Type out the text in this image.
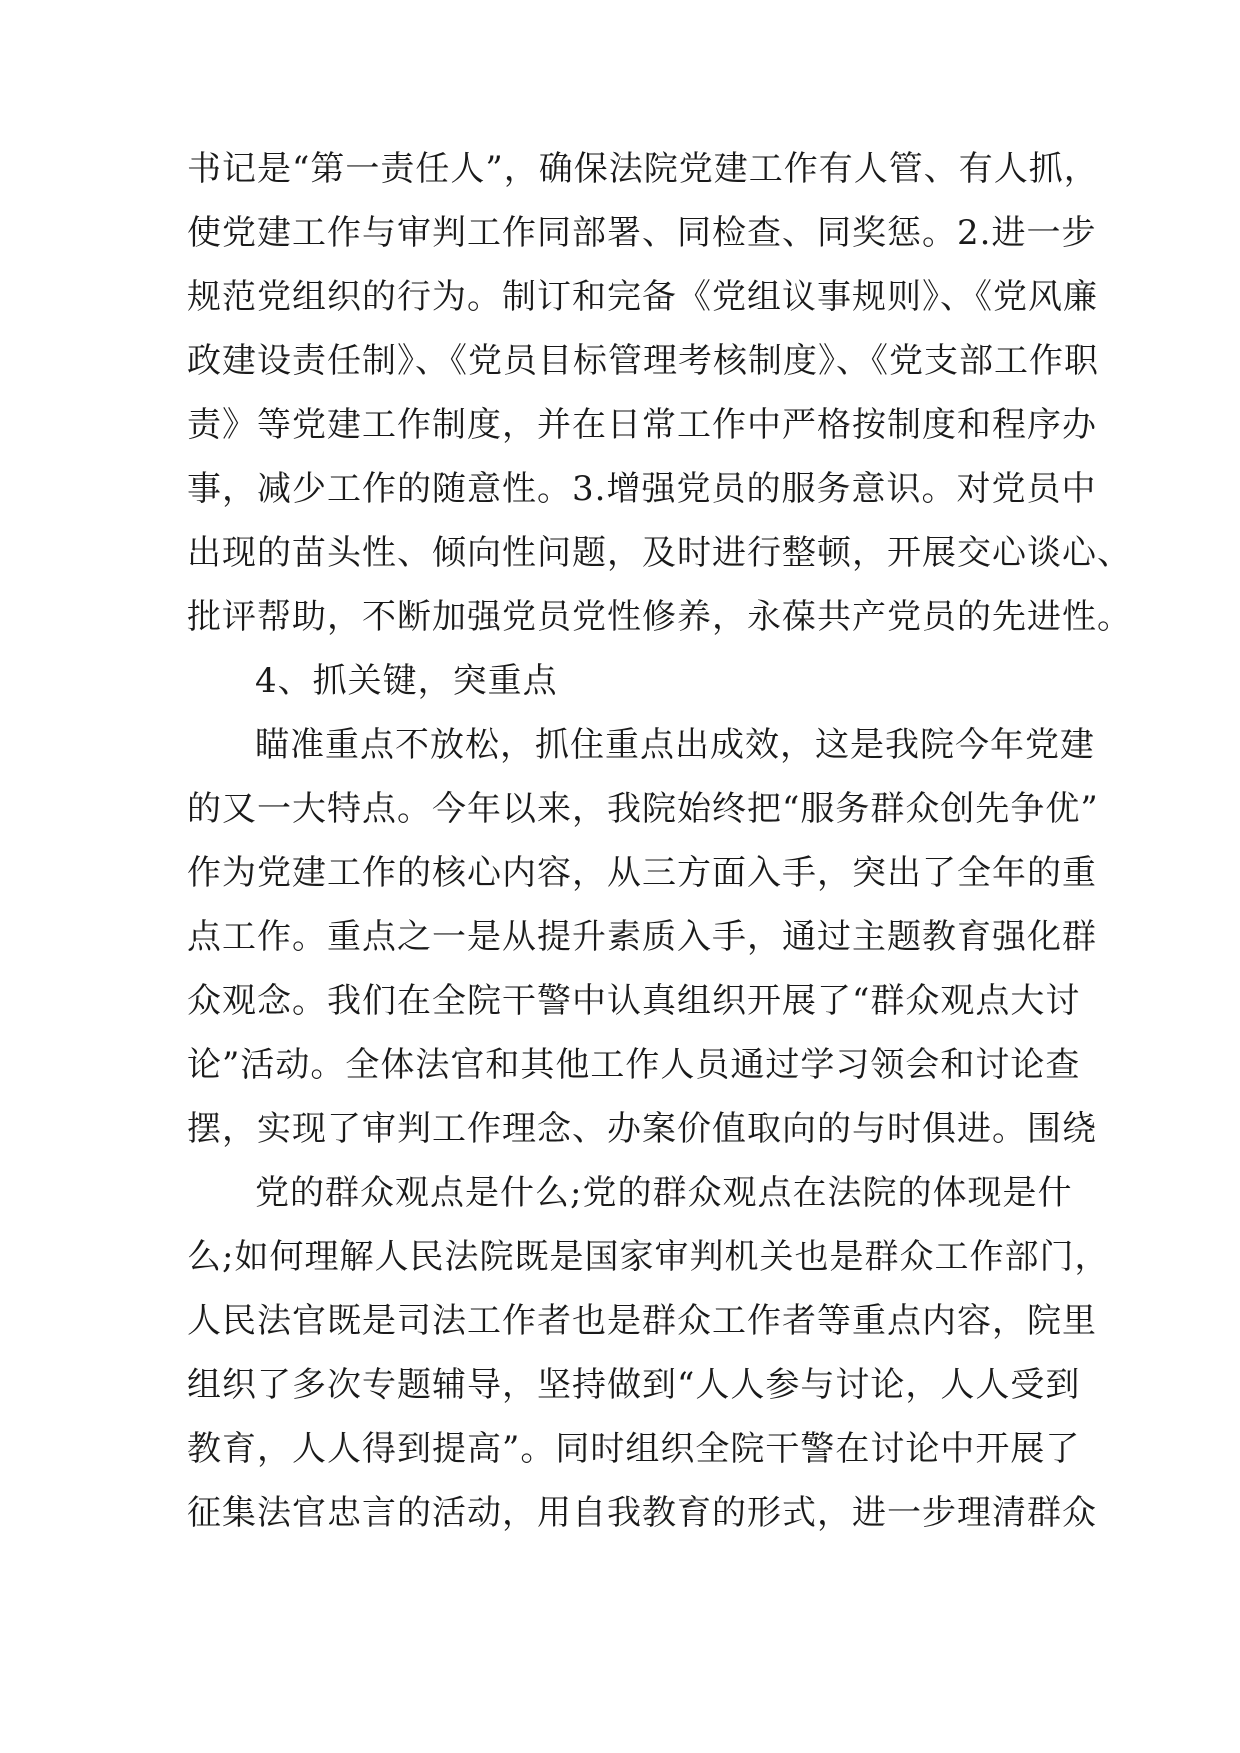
书记是“第一责任人”，确保法院党建工作有人管、有人抓，
使党建工作与审判工作同部署、同检查、同奖惩。2.进一步
规范党组织的行为。制订和完备《党组议事规则》、《党风廉
政建设责任制》、《党员目标管理考核制度》、《党支部工作职
责》等党建工作制度，并在日常工作中严格按制度和程序办
事，减少工作的随意性。3.增强党员的服务意识。对党员中
出现的苗头性、倾向性问题，及时进行整顿，开展交心谈心、
批评帮助，不断加强党员党性修养，永葆共产党员的先进性。
4、抓关键，突重点
瞄准重点不放松，抓住重点出成效，这是我院今年党建
的又一大特点。今年以来，我院始终把“服务群众创先争优”
作为党建工作的核心内容，从三方面入手，突出了全年的重
点工作。重点之一是从提升素质入手，通过主题教育强化群
众观念。我们在全院干警中认真组织开展了“群众观点大讨
论”活动。全体法官和其他工作人员通过学习领会和讨论查
摆，实现了审判工作理念、办案价值取向的与时俱进。围绕
党的群众观点是什么;党的群众观点在法院的体现是什
么;如何理解人民法院既是国家审判机关也是群众工作部门，
人民法官既是司法工作者也是群众工作者等重点内容，院里
组织了多次专题辅导，坚持做到“人人参与讨论，人人受到
教育，人人得到提高”。同时组织全院干警在讨论中开展了
征集法官忠言的活动，用自我教育的形式，进一步理清群众
